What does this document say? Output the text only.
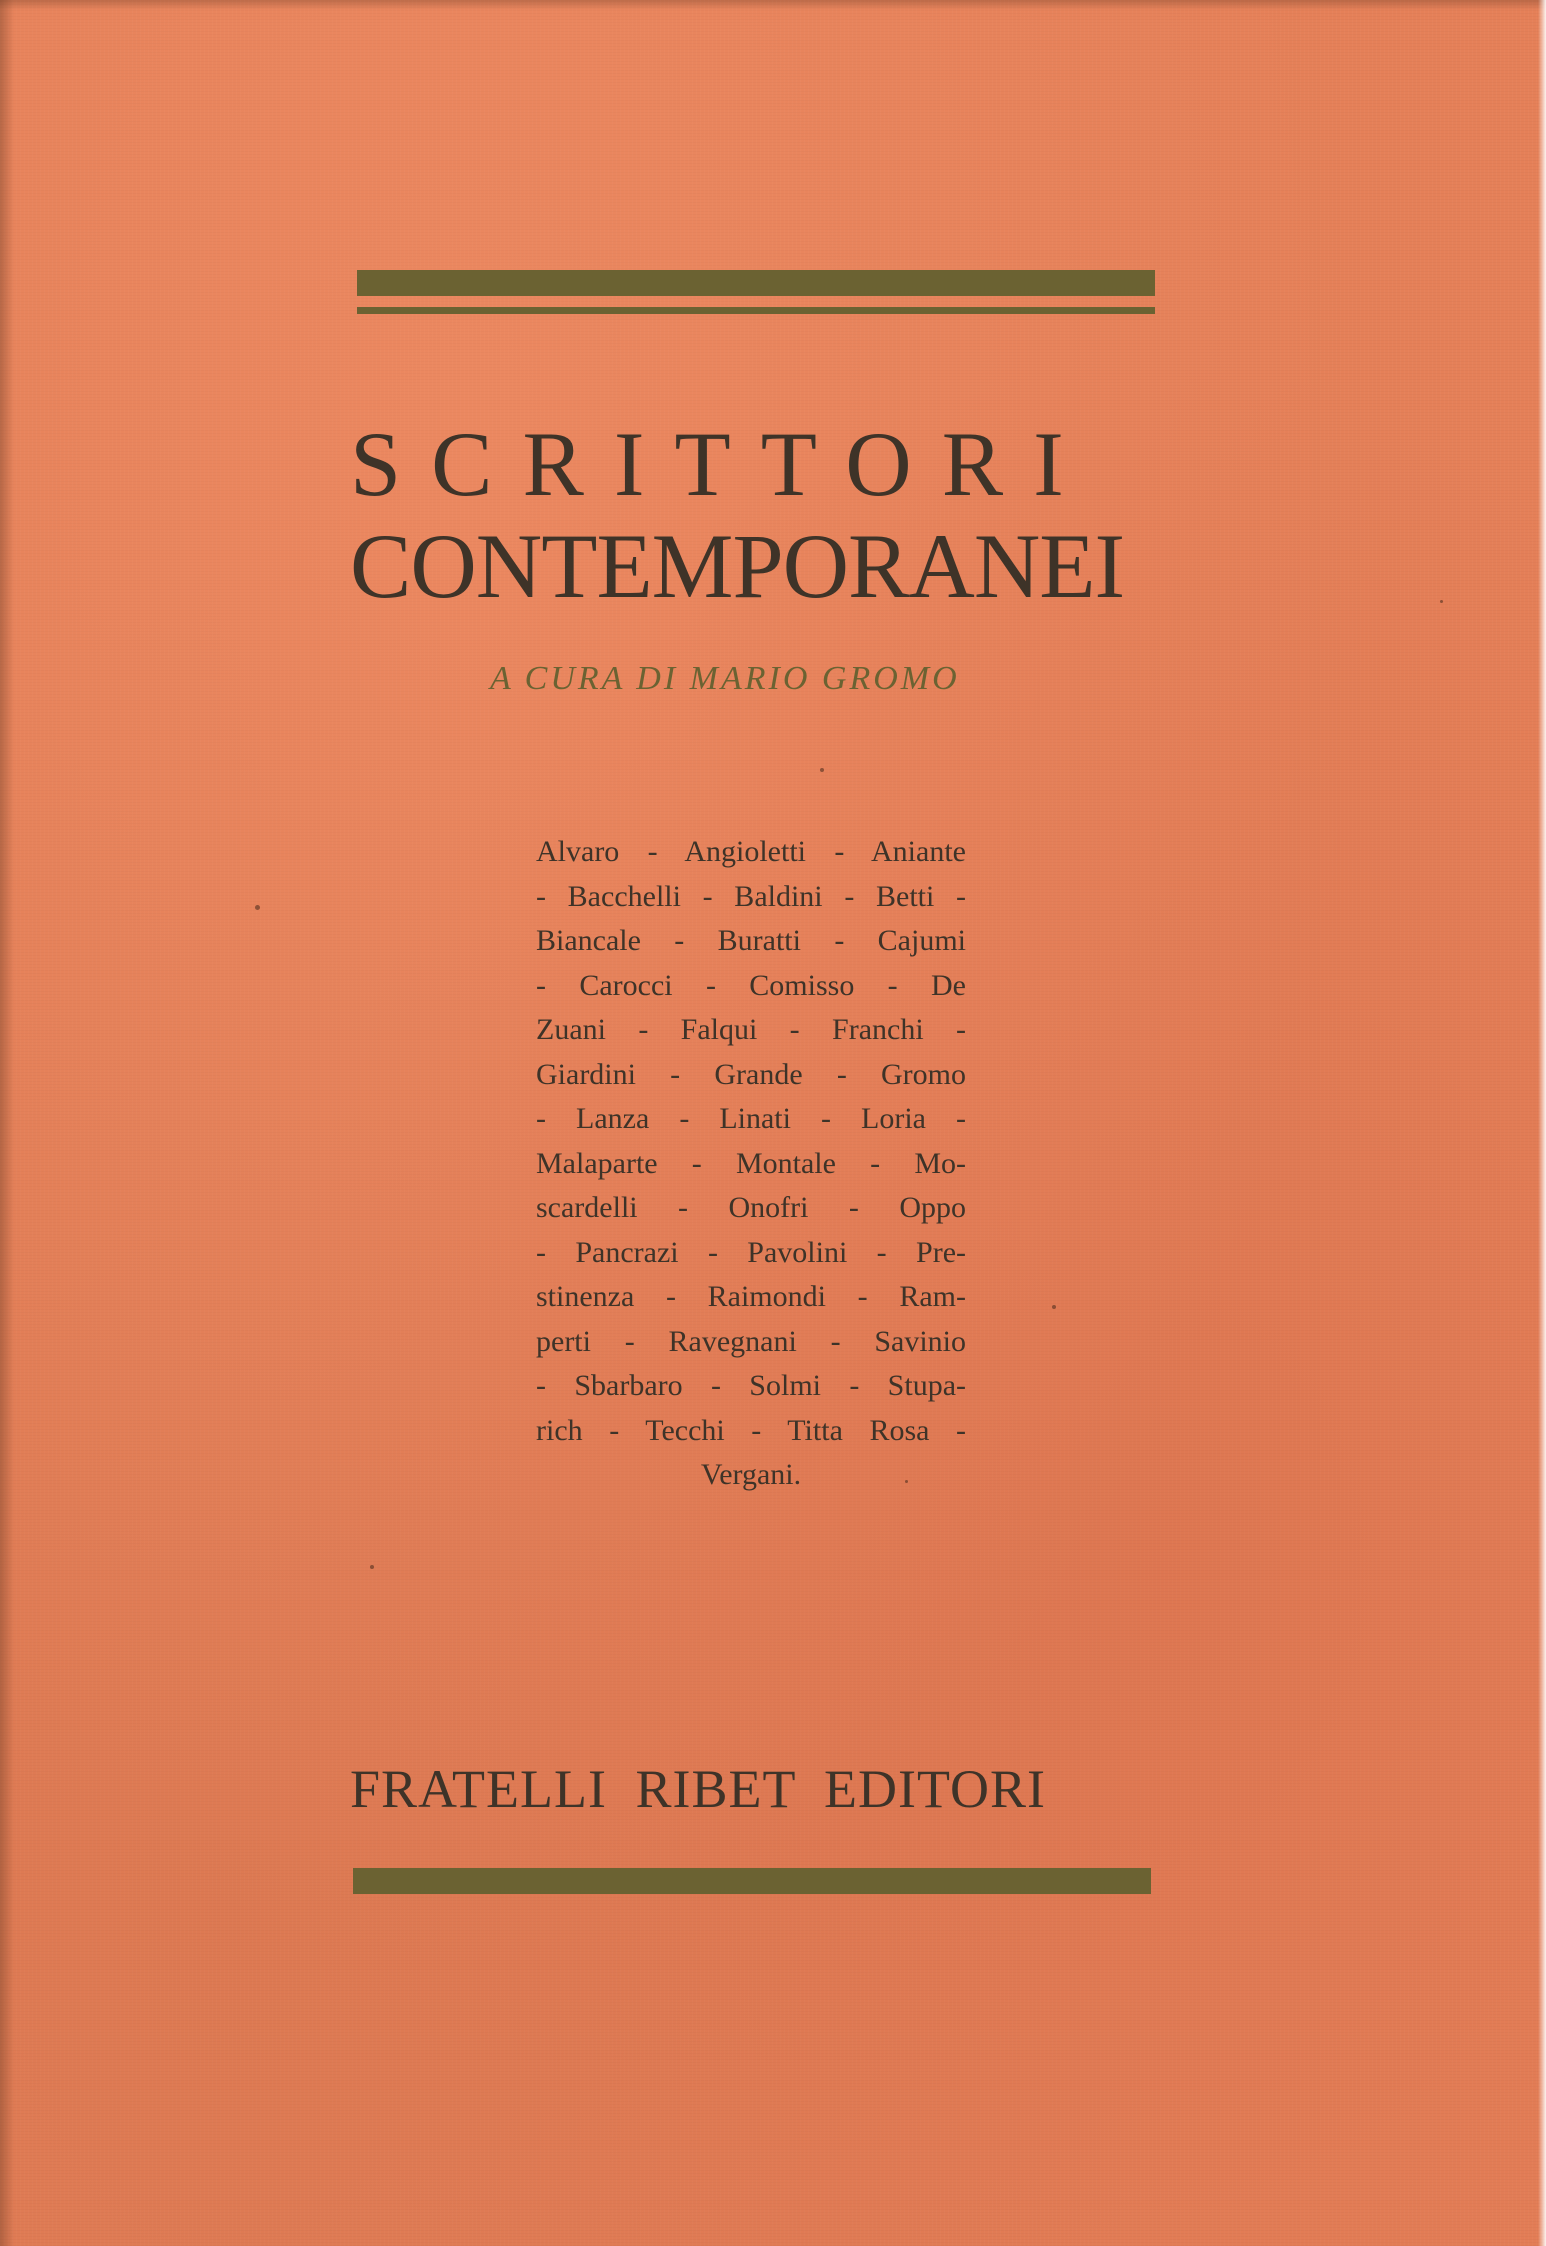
SCRITTORI
CONTEMPORANEI

A CURA DI MARIO GROMO

Alvaro - Angioletti - Aniante
- Bacchelli - Baldini - Betti -
Biancale - Buratti - Cajumi
- Carocci - Comisso - De
Zuani - Falqui - Franchi -
Giardini - Grande - Gromo
- Lanza - Linati - Loria -
Malaparte - Montale - Mo-
scardelli - Onofri - Oppo
- Pancrazi - Pavolini - Pre-
stinenza - Raimondi - Ram-
perti - Ravegnani - Savinio
- Sbarbaro - Solmi - Stupa-
rich - Tecchi - Titta Rosa -
Vergani.

FRATELLI RIBET EDITORI
